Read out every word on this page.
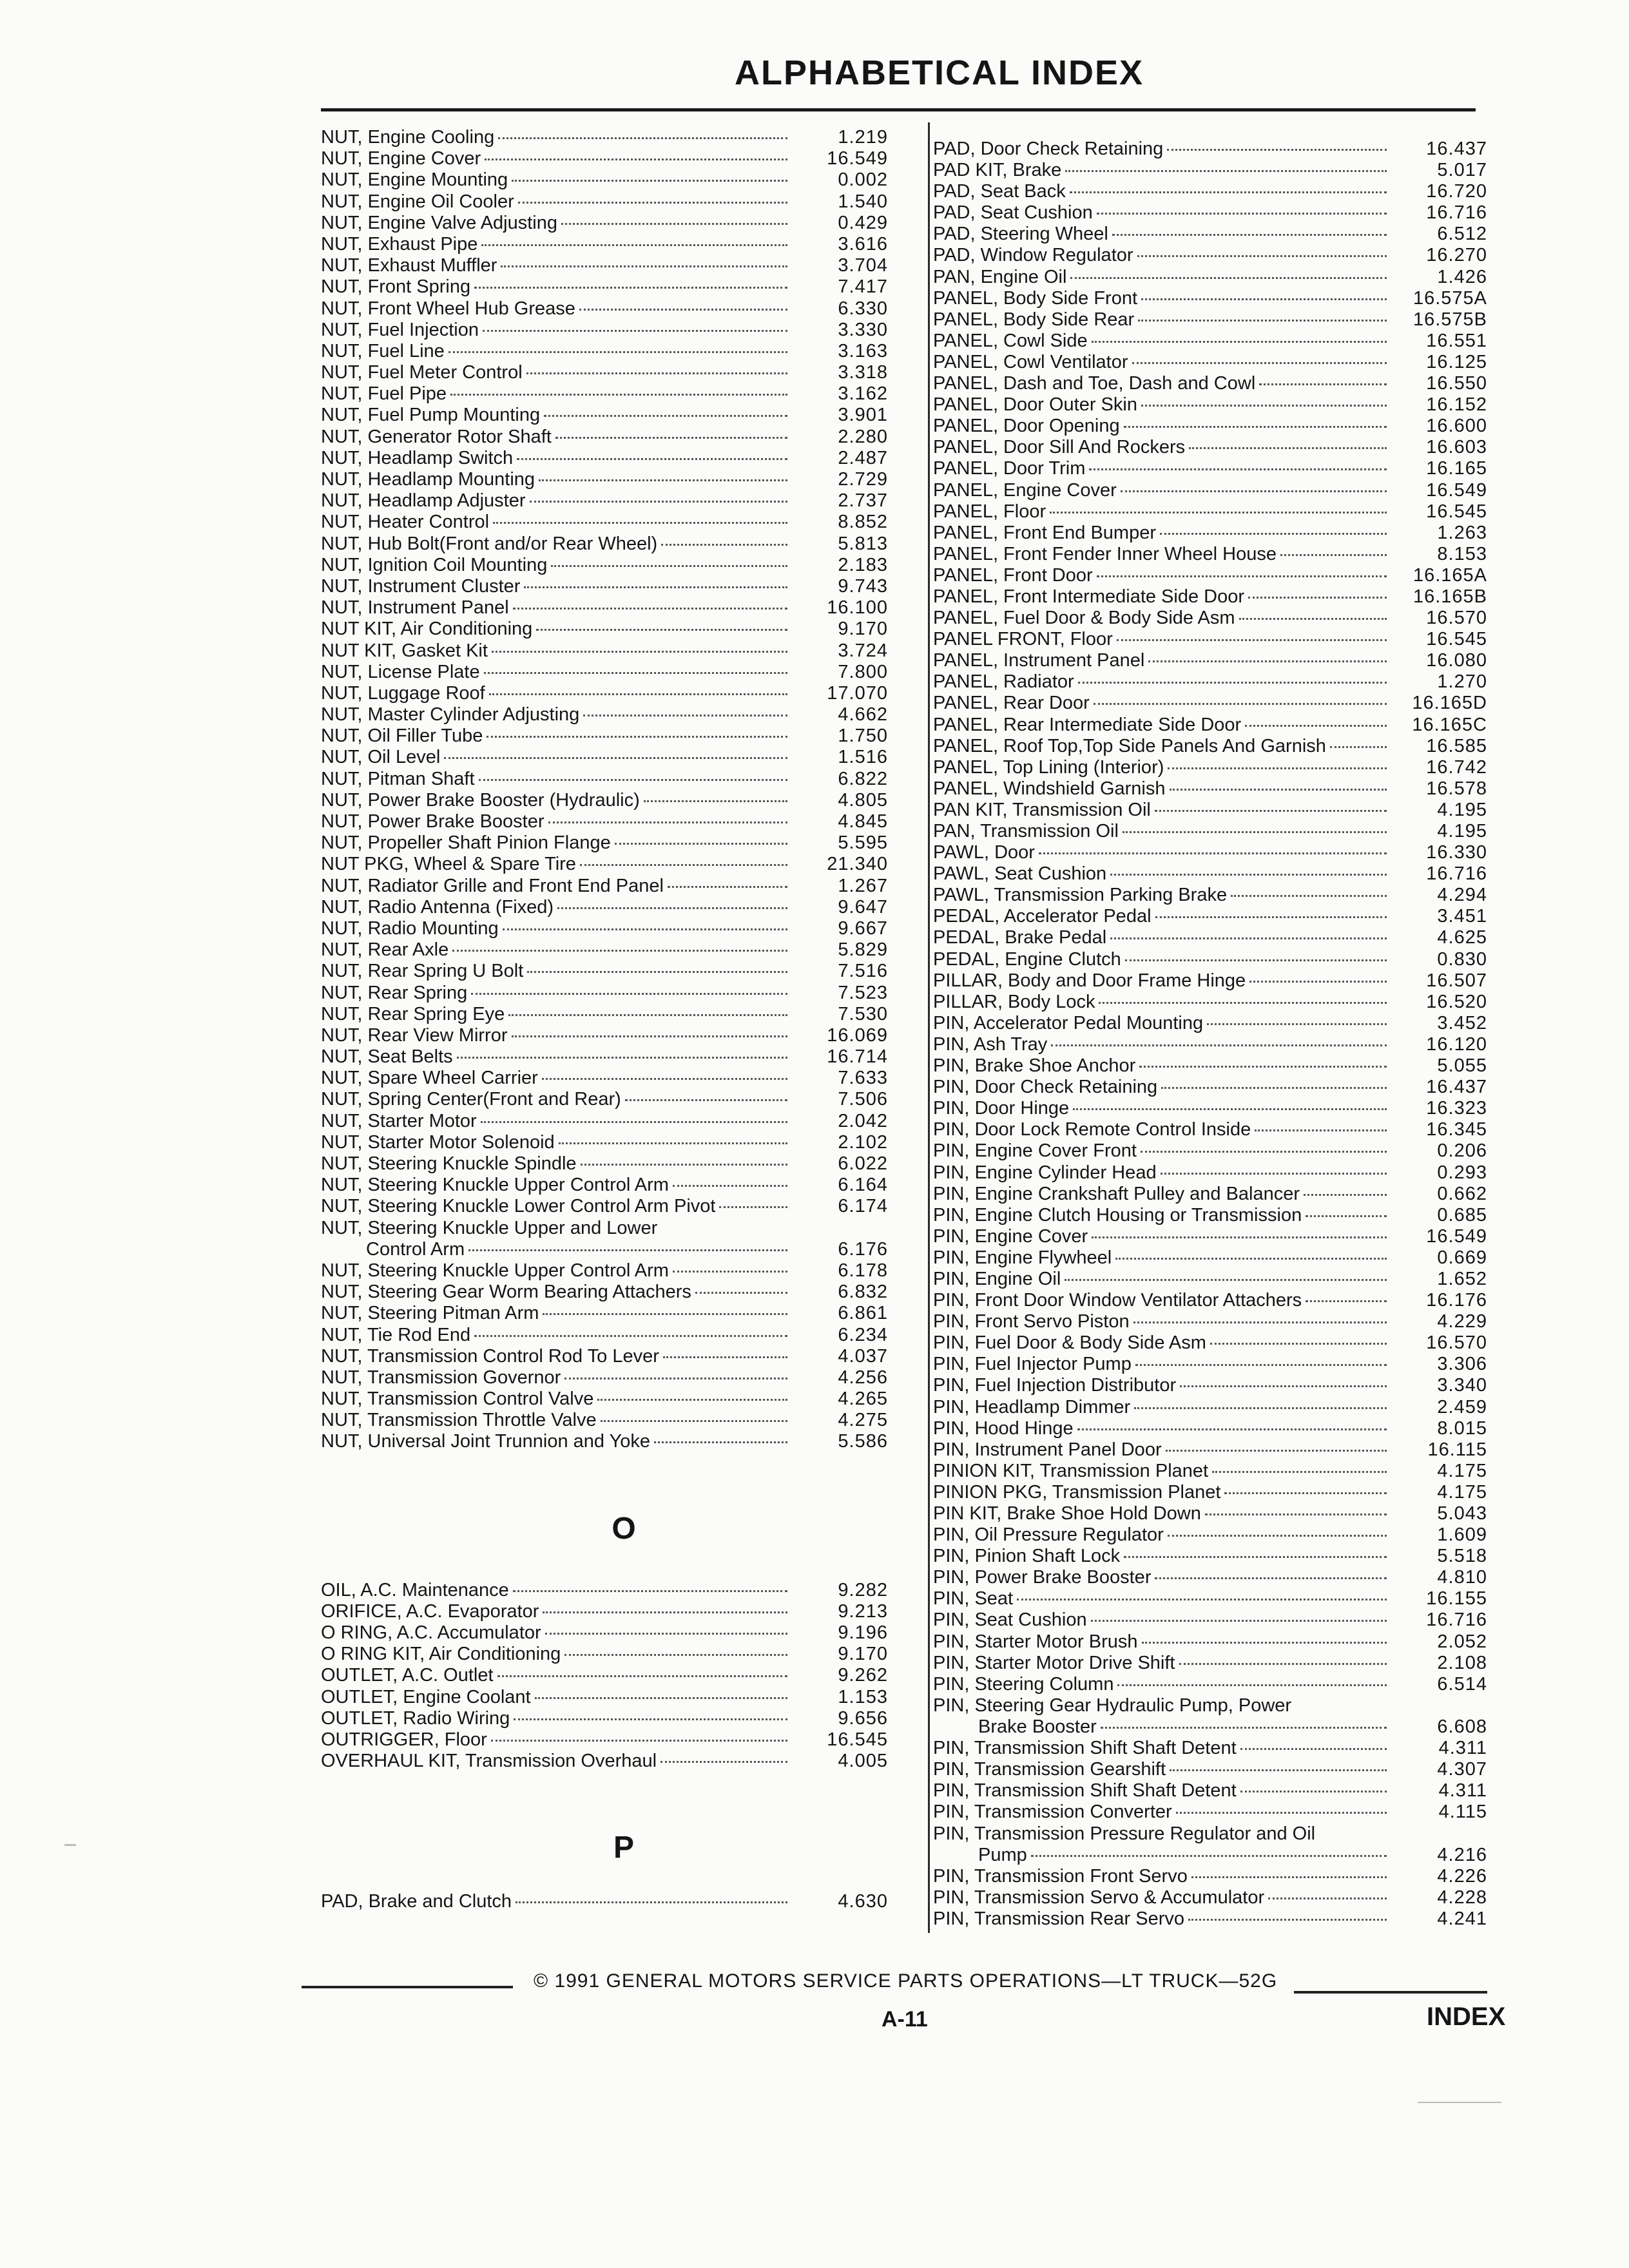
ALPHABETICAL INDEX
NUT, Engine Cooling	1.219
NUT, Engine Cover	16.549
NUT, Engine Mounting	0.002
NUT, Engine Oil Cooler	1.540
NUT, Engine Valve Adjusting	0.429
NUT, Exhaust Pipe	3.616
NUT, Exhaust Muffler	3.704
NUT, Front Spring	7.417
NUT, Front Wheel Hub Grease	6.330
NUT, Fuel Injection	3.330
NUT, Fuel Line	3.163
NUT, Fuel Meter Control	3.318
NUT, Fuel Pipe	3.162
NUT, Fuel Pump Mounting	3.901
NUT, Generator Rotor Shaft	2.280
NUT, Headlamp Switch	2.487
NUT, Headlamp Mounting	2.729
NUT, Headlamp Adjuster	2.737
NUT, Heater Control	8.852
NUT, Hub Bolt(Front and/or Rear Wheel)	5.813
NUT, Ignition Coil Mounting	2.183
NUT, Instrument Cluster	9.743
NUT, Instrument Panel	16.100
NUT KIT, Air Conditioning	9.170
NUT KIT, Gasket Kit	3.724
NUT, License Plate	7.800
NUT, Luggage Roof	17.070
NUT, Master Cylinder Adjusting	4.662
NUT, Oil Filler Tube	1.750
NUT, Oil Level	1.516
NUT, Pitman Shaft	6.822
NUT, Power Brake Booster (Hydraulic)	4.805
NUT, Power Brake Booster	4.845
NUT, Propeller Shaft Pinion Flange	5.595
NUT PKG, Wheel & Spare Tire	21.340
NUT, Radiator Grille and Front End Panel	1.267
NUT, Radio Antenna (Fixed)	9.647
NUT, Radio Mounting	9.667
NUT, Rear Axle	5.829
NUT, Rear Spring U Bolt	7.516
NUT, Rear Spring	7.523
NUT, Rear Spring Eye	7.530
NUT, Rear View Mirror	16.069
NUT, Seat Belts	16.714
NUT, Spare Wheel Carrier	7.633
NUT, Spring Center(Front and Rear)	7.506
NUT, Starter Motor	2.042
NUT, Starter Motor Solenoid	2.102
NUT, Steering Knuckle Spindle	6.022
NUT, Steering Knuckle Upper Control Arm	6.164
NUT, Steering Knuckle Lower Control Arm Pivot	6.174
NUT, Steering Knuckle Upper and Lower
Control Arm	6.176
NUT, Steering Knuckle Upper Control Arm	6.178
NUT, Steering Gear Worm Bearing Attachers	6.832
NUT, Steering Pitman Arm	6.861
NUT, Tie Rod End	6.234
NUT, Transmission Control Rod To Lever	4.037
NUT, Transmission Governor	4.256
NUT, Transmission Control Valve	4.265
NUT, Transmission Throttle Valve	4.275
NUT, Universal Joint Trunnion and Yoke	5.586
O
OIL, A.C. Maintenance	9.282
ORIFICE, A.C. Evaporator	9.213
O RING, A.C. Accumulator	9.196
O RING KIT, Air Conditioning	9.170
OUTLET, A.C. Outlet	9.262
OUTLET, Engine Coolant	1.153
OUTLET, Radio Wiring	9.656
OUTRIGGER, Floor	16.545
OVERHAUL KIT, Transmission Overhaul	4.005
P
PAD, Brake and Clutch	4.630
PAD, Door Check Retaining	16.437
PAD KIT, Brake	5.017
PAD, Seat Back	16.720
PAD, Seat Cushion	16.716
PAD, Steering Wheel	6.512
PAD, Window Regulator	16.270
PAN, Engine Oil	1.426
PANEL, Body Side Front	16.575A
PANEL, Body Side Rear	16.575B
PANEL, Cowl Side	16.551
PANEL, Cowl Ventilator	16.125
PANEL, Dash and Toe, Dash and Cowl	16.550
PANEL, Door Outer Skin	16.152
PANEL, Door Opening	16.600
PANEL, Door Sill And Rockers	16.603
PANEL, Door Trim	16.165
PANEL, Engine Cover	16.549
PANEL, Floor	16.545
PANEL, Front End Bumper	1.263
PANEL, Front Fender Inner Wheel House	8.153
PANEL, Front Door	16.165A
PANEL, Front Intermediate Side Door	16.165B
PANEL, Fuel Door & Body Side Asm	16.570
PANEL FRONT, Floor	16.545
PANEL, Instrument Panel	16.080
PANEL, Radiator	1.270
PANEL, Rear Door	16.165D
PANEL, Rear Intermediate Side Door	16.165C
PANEL, Roof Top,Top Side Panels And Garnish	16.585
PANEL, Top Lining (Interior)	16.742
PANEL, Windshield Garnish	16.578
PAN KIT, Transmission Oil	4.195
PAN, Transmission Oil	4.195
PAWL, Door	16.330
PAWL, Seat Cushion	16.716
PAWL, Transmission Parking Brake	4.294
PEDAL, Accelerator Pedal	3.451
PEDAL, Brake Pedal	4.625
PEDAL, Engine Clutch	0.830
PILLAR, Body and Door Frame Hinge	16.507
PILLAR, Body Lock	16.520
PIN, Accelerator Pedal Mounting	3.452
PIN, Ash Tray	16.120
PIN, Brake Shoe Anchor	5.055
PIN, Door Check Retaining	16.437
PIN, Door Hinge	16.323
PIN, Door Lock Remote Control Inside	16.345
PIN, Engine Cover Front	0.206
PIN, Engine Cylinder Head	0.293
PIN, Engine Crankshaft Pulley and Balancer	0.662
PIN, Engine Clutch Housing or Transmission	0.685
PIN, Engine Cover	16.549
PIN, Engine Flywheel	0.669
PIN, Engine Oil	1.652
PIN, Front Door Window Ventilator Attachers	16.176
PIN, Front Servo Piston	4.229
PIN, Fuel Door & Body Side Asm	16.570
PIN, Fuel Injector Pump	3.306
PIN, Fuel Injection Distributor	3.340
PIN, Headlamp Dimmer	2.459
PIN, Hood Hinge	8.015
PIN, Instrument Panel Door	16.115
PINION KIT, Transmission Planet	4.175
PINION PKG, Transmission Planet	4.175
PIN KIT, Brake Shoe Hold Down	5.043
PIN, Oil Pressure Regulator	1.609
PIN, Pinion Shaft Lock	5.518
PIN, Power Brake Booster	4.810
PIN, Seat	16.155
PIN, Seat Cushion	16.716
PIN, Starter Motor Brush	2.052
PIN, Starter Motor Drive Shift	2.108
PIN, Steering Column	6.514
PIN, Steering Gear Hydraulic Pump, Power
Brake Booster	6.608
PIN, Transmission Shift Shaft Detent	4.311
PIN, Transmission Gearshift	4.307
PIN, Transmission Shift Shaft Detent	4.311
PIN, Transmission Converter	4.115
PIN, Transmission Pressure Regulator and Oil
Pump	4.216
PIN, Transmission Front Servo	4.226
PIN, Transmission Servo & Accumulator	4.228
PIN, Transmission Rear Servo	4.241
© 1991 GENERAL MOTORS SERVICE PARTS OPERATIONS—LT TRUCK—52G
A-11	INDEX
